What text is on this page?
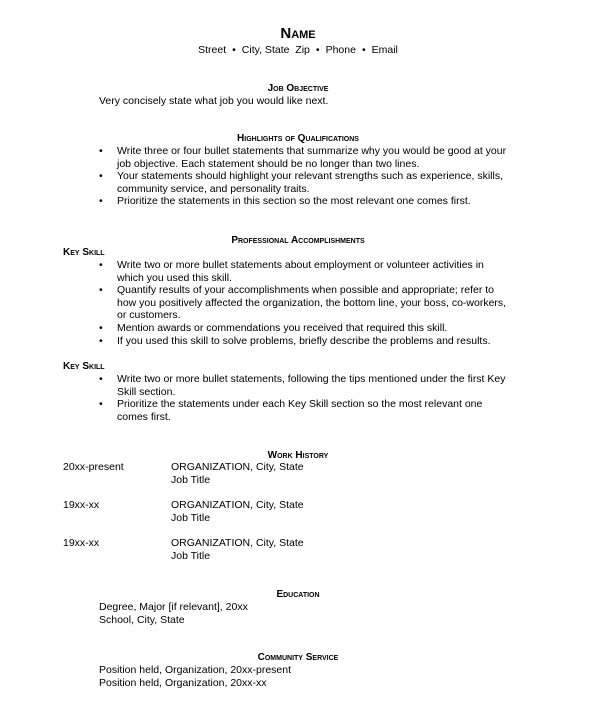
Name
Street • City, State  Zip • Phone • Email
Job Objective
Very concisely state what job you would like next.
Highlights of Qualifications
• Write three or four bullet statements that summarize why you would be good at your
job objective. Each statement should be no longer than two lines.
• Your statements should highlight your relevant strengths such as experience, skills,
community service, and personality traits.
• Prioritize the statements in this section so the most relevant one comes first.
Professional Accomplishments
Key Skill
• Write two or more bullet statements about employment or volunteer activities in
which you used this skill.
• Quantify results of your accomplishments when possible and appropriate; refer to
how you positively affected the organization, the bottom line, your boss, co-workers,
or customers.
• Mention awards or commendations you received that required this skill.
• If you used this skill to solve problems, briefly describe the problems and results.
Key Skill
• Write two or more bullet statements, following the tips mentioned under the first Key
Skill section.
• Prioritize the statements under each Key Skill section so the most relevant one
comes first.
Work History
20xx-present	ORGANIZATION, City, State
Job Title
19xx-xx	ORGANIZATION, City, State
Job Title
19xx-xx	ORGANIZATION, City, State
Job Title
Education
Degree, Major [if relevant], 20xx
School, City, State
Community Service
Position held, Organization, 20xx-present
Position held, Organization, 20xx-xx
